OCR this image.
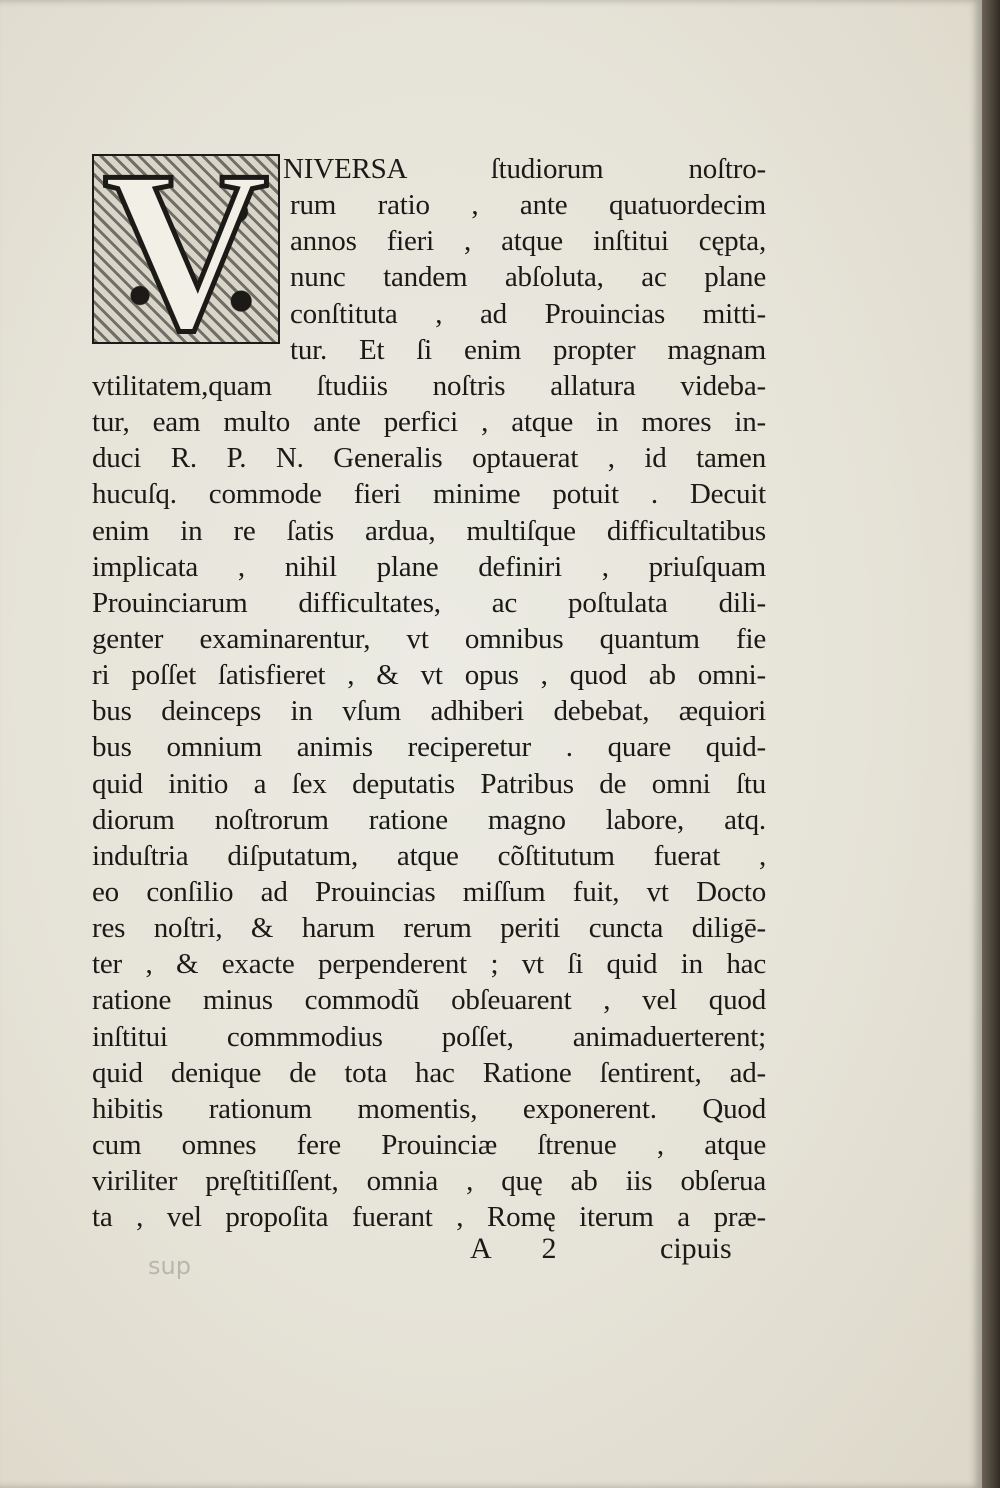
V NIVERSA ſtudiorum noſtro-
rum ratio , ante quatuordecim
annos fieri , atque inſtitui cępta,
nunc tandem abſoluta, ac plane
conſtituta , ad Prouincias mitti-
tur. Et ſi enim propter magnam
vtilitatem,quam ſtudiis noſtris allatura videba-
tur, eam multo ante perfici , atque in mores in-
duci R. P. N. Generalis optauerat , id tamen
hucuſq. commode fieri minime potuit . Decuit
enim in re ſatis ardua, multiſque difficultatibus
implicata , nihil plane definiri , priuſquam
Prouinciarum difficultates, ac poſtulata dili-
genter examinarentur, vt omnibus quantum fie
ri poſſet ſatisfieret , & vt opus , quod ab omni-
bus deinceps in vſum adhiberi debebat, æquiori
bus omnium animis reciperetur . quare quid-
quid initio a ſex deputatis Patribus de omni ſtu
diorum noſtrorum ratione magno labore, atq.
induſtria diſputatum, atque cõſtitutum fuerat ,
eo conſilio ad Prouincias miſſum fuit, vt Docto
res noſtri, & harum rerum periti cuncta diligē-
ter , & exacte perpenderent ; vt ſi quid in hac
ratione minus commodũ obſeuarent , vel quod
inſtitui commmodius poſſet, animaduerterent;
quid denique de tota hac Ratione ſentirent, ad-
hibitis rationum momentis, exponerent. Quod
cum omnes fere Prouinciæ ſtrenue , atque
viriliter pręſtitiſſent, omnia , quę ab iis obſerua
ta , vel propoſita fuerant , Romę iterum a præ-
sup
A 2	cipuis
